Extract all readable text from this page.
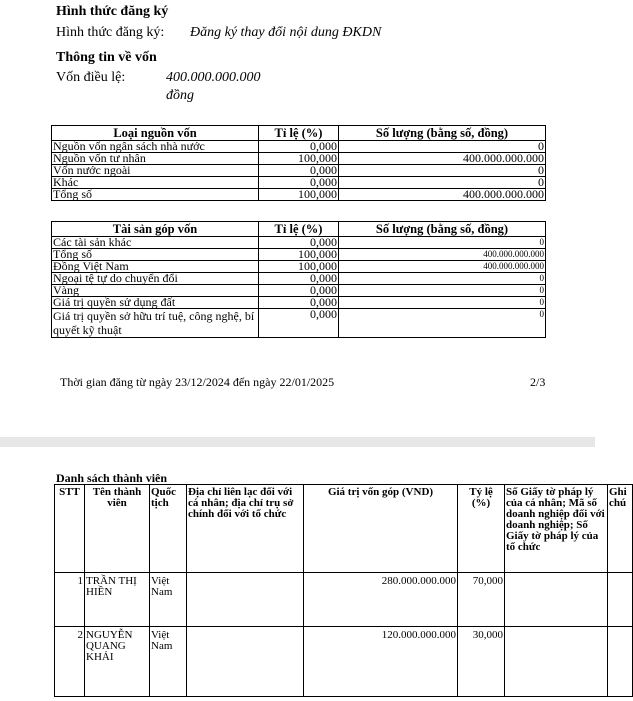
Hình thức đăng ký
Hình thức đăng ký: Đăng ký thay đổi nội dung ĐKDN
Thông tin về vốn
Vốn điều lệ:	400.000.000.000
đồng
Loại nguồn vốn	Tỉ lệ (%)	Số lượng (bằng số, đồng)
Nguồn vốn ngân sách nhà nước	0,000	0
Nguồn vốn tư nhân	100,000	400.000.000.000
Vốn nước ngoài	0,000	0
Khác	0,000	0
Tổng số	100,000	400.000.000.000
Tài sản góp vốn	Tỉ lệ (%)	Số lượng (bằng số, đồng)
Các tài sản khác	0,000	0
Tổng số	100,000	400.000.000.000
Đồng Việt Nam	100,000	400.000.000.000
Ngoại tệ tự do chuyển đổi	0,000	0
Vàng	0,000	0
Giá trị quyền sử dụng đất	0,000	0
Giá trị quyền sở hữu trí tuệ, công nghệ, bí quyết kỹ thuật	0,000	0
Thời gian đăng từ ngày 23/12/2024 đến ngày 22/01/2025	2/3
Danh sách thành viên
STT	Tên thành viên	Quốc tịch	Địa chỉ liên lạc đối với cá nhân; địa chỉ trụ sở chính đối với tổ chức	Giá trị vốn góp (VND)	Tỷ lệ (%)	Số Giấy tờ pháp lý của cá nhân; Mã số doanh nghiệp đối với doanh nghiệp; Số Giấy tờ pháp lý của tổ chức	Ghi chú
1	TRẦN THỊ HIỀN	Việt Nam		280.000.000.000	70,000		
2	NGUYỄN QUANG KHẢI	Việt Nam		120.000.000.000	30,000		
